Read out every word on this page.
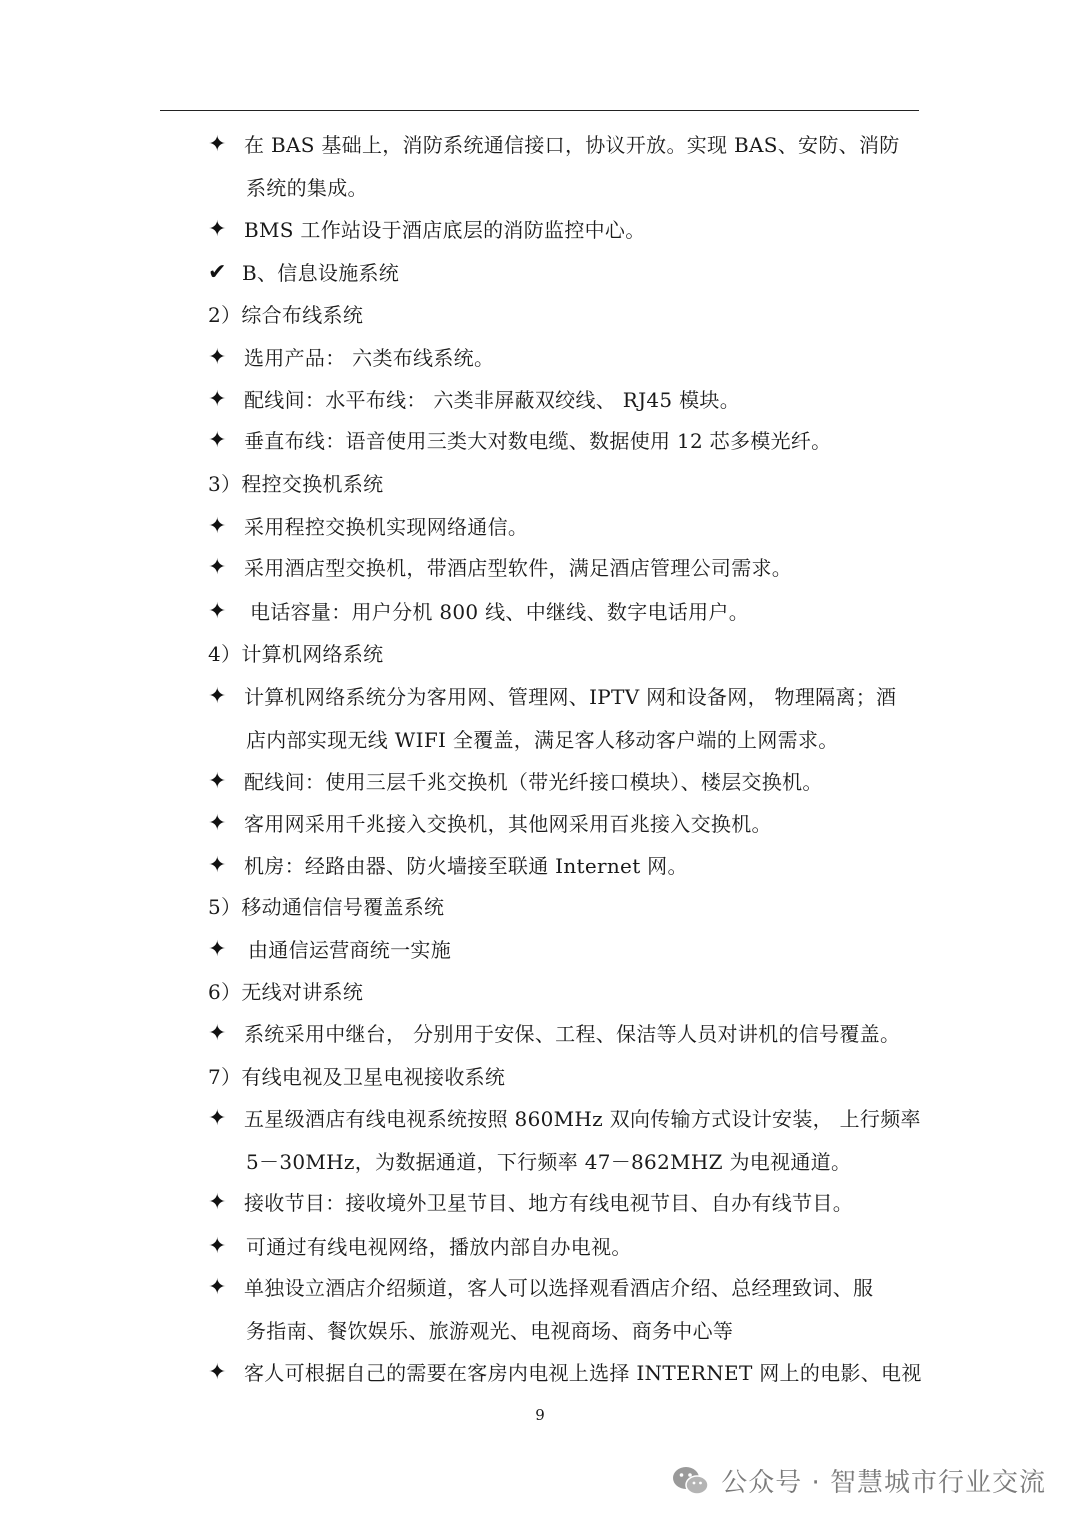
✦ 在 BAS 基础上，消防系统通信接口，协议开放。实现 BAS、安防、消防
系统的集成。
✦ BMS 工作站设于酒店底层的消防监控中心。
✔ B、信息设施系统
2）综合布线系统
✦ 选用产品： 六类布线系统。
✦ 配线间：水平布线： 六类非屏蔽双绞线、 RJ45 模块。
✦ 垂直布线：语音使用三类大对数电缆、数据使用 12 芯多模光纤。
3）程控交换机系统
✦ 采用程控交换机实现网络通信。
✦ 采用酒店型交换机，带酒店型软件，满足酒店管理公司需求。
✦ 电话容量：用户分机 800 线、中继线、数字电话用户。
4）计算机网络系统
✦ 计算机网络系统分为客用网、管理网、IPTV 网和设备网， 物理隔离；酒
店内部实现无线 WIFI 全覆盖，满足客人移动客户端的上网需求。
✦ 配线间：使用三层千兆交换机（带光纤接口模块）、楼层交换机。
✦ 客用网采用千兆接入交换机，其他网采用百兆接入交换机。
✦ 机房：经路由器、防火墙接至联通 Internet 网。
5）移动通信信号覆盖系统
✦ 由通信运营商统一实施
6）无线对讲系统
✦ 系统采用中继台， 分别用于安保、工程、保洁等人员对讲机的信号覆盖。
7）有线电视及卫星电视接收系统
✦ 五星级酒店有线电视系统按照 860MHz 双向传输方式设计安装， 上行频率
5－30MHz，为数据通道，下行频率 47－862MHZ 为电视通道。
✦ 接收节目：接收境外卫星节目、地方有线电视节目、自办有线节目。
✦ 可通过有线电视网络，播放内部自办电视。
✦ 单独设立酒店介绍频道，客人可以选择观看酒店介绍、总经理致词、服
务指南、餐饮娱乐、旅游观光、电视商场、商务中心等
✦ 客人可根据自己的需要在客房内电视上选择 INTERNET 网上的电影、电视
9
公众号 · 智慧城市行业交流
